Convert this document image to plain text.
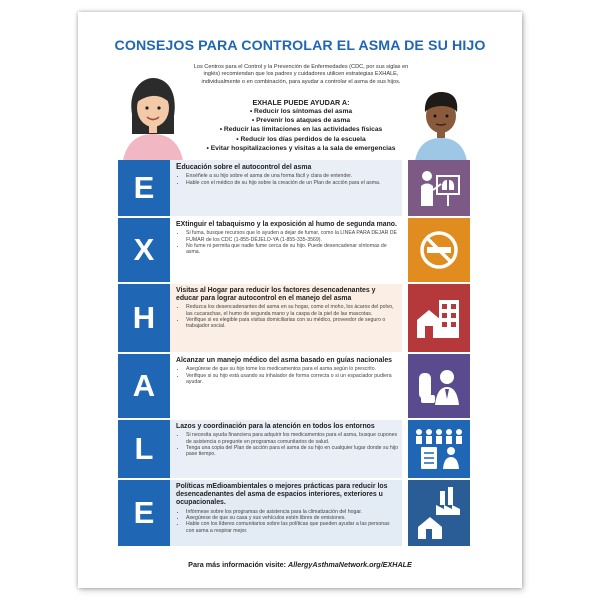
CONSEJOS PARA CONTROLAR EL ASMA DE SU HIJO
Los Centros para el Control y la Prevención de Enfermedades (CDC, por sus siglas en inglés) recomiendan que los padres y cuidadores utilicen estrategias EXHALE, individualmente o en combinación, para ayudar a controlar el asma de sus hijos.
EXHALE PUEDE AYUDAR A:
• Reducir los síntomas del asma
• Prevenir los ataques de asma
• Reducir las limitaciones en las actividades físicas
• Reducir los días perdidos de la escuela
• Evitar hospitalizaciones y visitas a la sala de emergencias
E
Educación sobre el autocontrol del asma
• Enséñele a su hijo sobre el asma de una forma fácil y clara de entender.
• Hable con el médico de su hijo sobre la creación de un Plan de acción para el asma.
X
EXtinguir el tabaquismo y la exposición al humo de segunda mano.
• Si fuma, busque recursos que lo ayuden a dejar de fumar, como la LINEA PARA DEJAR DE FUMAR de los CDC (1-855-DÉJELO-YA (1-855-335-3569).
• No fume ni permita que nadie fume cerca de su hijo. Puede desencadenar síntomas de asma.
H
Visitas al Hogar para reducir los factores desencadenantes y educar para lograr autocontrol en el manejo del asma
• Reduzca los desencadenantes del asma en su hogar, como el moho, los ácaros del polvo, las cucarachas, el humo de segunda mano y la caspa de la piel de las mascotas.
• Verifique si es elegible para visitas domiciliarias con su médico, proveedor de seguro o trabajador social.
A
Alcanzar un manejo médico del asma basado en guías nacionales
• Asegúrese de que su hijo tome los medicamentos para el asma según lo prescrito.
• Verifique si su hijo está usando su inhalador de forma correcta o si un espaciador pudiera ayudar.
L
Lazos y coordinación para la atención en todos los entornos
• Si necesita ayuda financiera para adquirir los medicamentos para el asma, busque cupones de asistencia o pregunte en programas comunitarios de salud.
• Tenga una copia del Plan de acción para el asma de su hijo en cualquier lugar donde su hijo pase tiempo.
E
Políticas mEdioambientales o mejores prácticas para reducir los desencadenantes del asma de espacios interiores, exteriores u ocupacionales.
• Infórmese sobre los programas de asistencia para la climatización del hogar.
• Asegúrese de que su casa y sus vehículos estén libres de emisiones.
• Hable con los líderes comunitarios sobre las políticas que pueden ayudar a las personas con asma a respirar mejor.
Para más información visite: AllergyAsthmaNetwork.org/EXHALE
